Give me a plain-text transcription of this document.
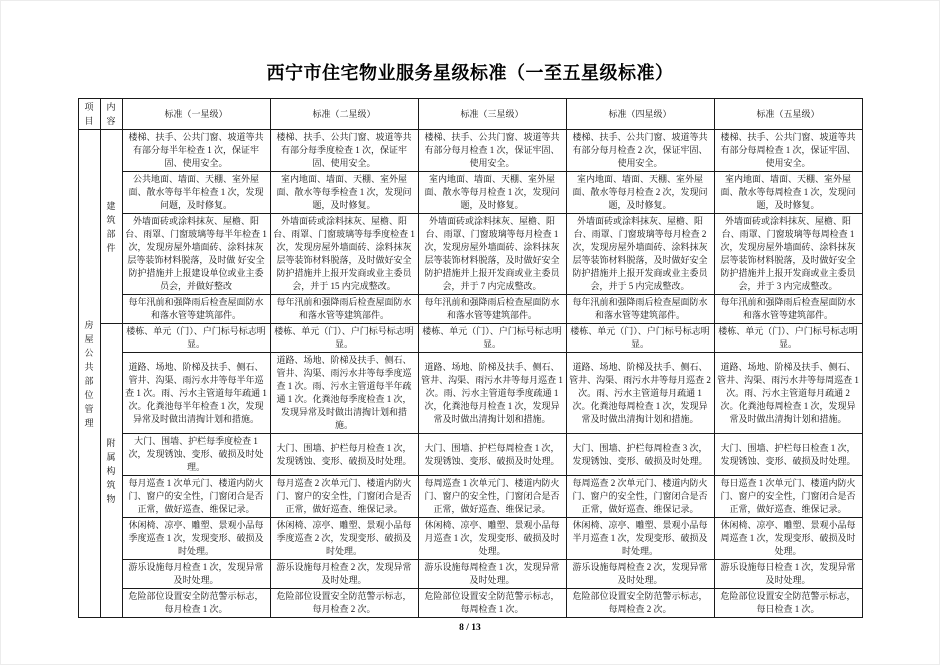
西宁市住宅物业服务星级标准（一至五星级标准）
项目	内容	标准（一星级）	标准（二星级）	标准（三星级）	标准（四星级）	标准（五星级）

房屋公共部位管理	建筑部件	楼梯、扶手、公共门窗、坡道等共有部分每半年检查 1 次，保证牢固、使用安全。	楼梯、扶手、公共门窗、坡道等共有部分每季度检查 1 次，保证牢固、使用安全。	楼梯、扶手、公共门窗、坡道等共有部分每月检查 1 次，保证牢固、使用安全。	楼梯、扶手、公共门窗、坡道等共有部分每月检查 2 次，保证牢固、使用安全。	楼梯、扶手、公共门窗、坡道等共有部分每周检查 1 次，保证牢固、使用安全。
		公共地面、墙面、天棚、室外屋面、散水等每半年检查 1 次，发现问题，及时修复。	室内地面、墙面、天棚、室外屋面、散水等每季检查 1 次，发现问题，及时修复。	室内地面、墙面、天棚、室外屋面、散水等每月检查 1 次，发现问题，及时修复。	室内地面、墙面、天棚、室外屋面、散水等每月检查 2 次，发现问题，及时修复。	室内地面、墙面、天棚、室外屋面、散水等每周检查 1 次，发现问题，及时修复。
		外墙面砖或涂料抹灰、屋檐、阳台、雨罩、门窗玻璃等每半年检查 1 次，发现房屋外墙面砖、涂料抹灰层等装饰材料脱落，及时做 好安全防护措施并上报建设单位或业主委员会，并做好整改	外墙面砖或涂料抹灰、屋檐、阳台、雨罩、门窗玻璃等每季度检查 1 次，发现房屋外墙面砖、涂料抹灰层等装饰材料脱落，及时做好安全防护措施并上报开发商或业主委员会，并于 15 内完成整改。	外墙面砖或涂料抹灰、屋檐、阳台、雨罩、门窗玻璃等每月检查 1 次，发现房屋外墙面砖、涂料抹灰层等装饰材料脱落，及时做好安全防护措施并上报开发商或业主委员会，并于 7 内完成整改。	外墙面砖或涂料抹灰、屋檐、阳台、雨罩、门窗玻璃等每月检查 2 次，发现房屋外墙面砖、涂料抹灰层等装饰材料脱落，及时做好安全防护措施并上报开发商或业主委员会，并于 5 内完成整改。	外墙面砖或涂料抹灰、屋檐、阳台、雨罩、门窗玻璃等每周检查 1 次，发现房屋外墙面砖、涂料抹灰层等装饰材料脱落，及时做好安全防护措施并上报开发商或业主委员会，并于 3 内完成整改。
		每年汛前和强降雨后检查屋面防水和落水管等建筑部件。	每年汛前和强降雨后检查屋面防水和落水管等建筑部件。	每年汛前和强降雨后检查屋面防水和落水管等建筑部件。	每年汛前和强降雨后检查屋面防水和落水管等建筑部件。	每年汛前和强降雨后检查屋面防水和落水管等建筑部件。

	附属构筑物	楼栋、单元（门）、户门标号标志明显。	楼栋、单元（门）、户门标号标志明显。	楼栋、单元（门）、户门标号标志明显。	楼栋、单元（门）、户门标号标志明显。	楼栋、单元（门）、户门标号标志明显。
		道路、场地、阶梯及扶手、侧石、管井、沟渠、雨污水井等每半年巡查 1 次。雨、污水主管道每年疏通 1 次。化粪池每半年检查 1 次，发现异常及时做出清掏计划和措施。	道路、场地、阶梯及扶手、侧石、管井、沟渠、雨污水井等每季度巡查 1 次。雨、污水主管道每半年疏通 1 次。化粪池每季度检查 1 次，发现异常及时做出清掏计划和措施。	道路、场地、阶梯及扶手、侧石、管井、沟渠、雨污水井等每月巡查 1 次。雨、污水主管道每季度疏通 1 次，化粪池每月检查 1 次，发现异常及时做出清掏计划和措施。	道路、场地、阶梯及扶手、侧石、管井、沟渠、雨污水井等每月巡查 2 次。雨、污水主管道每月疏通 1 次。化粪池每周检查 1 次，发现异常及时做出清掏计划和措施。	道路、场地、阶梯及扶手、侧石、管井、沟渠、雨污水井等每周巡查 1 次。雨、污水主管道每月疏通 2 次。化粪池每周检查 1 次，发现异常及时做出清掏计划和措施。
		大门、围墙、护栏每季度检查 1 次，发现锈蚀、变形、破损及时处理。	大门、围墙、护栏每月检查 1 次，发现锈蚀、变形、破损及时处理。	大门、围墙、护栏每周检查 1 次，发现锈蚀、变形、破损及时处理。	大门、围墙、护栏每周检查 3 次，发现锈蚀、变形、破损及时处理。	大门、围墙、护栏每日检查 1 次，发现锈蚀、变形、破损及时处理。
		每月巡查 1 次单元门、楼道内防火门、窗户的安全性，门窗闭合是否正常，做好巡查、维保记录。	每月巡查 2 次单元门、楼道内防火门、窗户的安全性，门窗闭合是否正常，做好巡查、维保记录。	每周巡查 1 次单元门、楼道内防火门、窗户的安全性，门窗闭合是否正常，做好巡查、维保记录。	每周巡查 2 次单元门、楼道内防火门、窗户的安全性，门窗闭合是否正常，做好巡查、维保记录。	每日巡查 1 次单元门、楼道内防火门、窗户的安全性，门窗闭合是否正常，做好巡查、维保记录。
		休闲椅、凉亭、雕塑、景观小品每季度巡查 1 次，发现变形、破损及时处理。	休闲椅、凉亭、雕塑、景观小品每季度巡查 2 次，发现变形、破损及时处理。	休闲椅、凉亭、雕塑、景观小品每月巡查 1 次，发现变形、破损及时处理。	休闲椅、凉亭、雕塑、景观小品每半月巡查 1 次，发现变形、破损及时处理。	休闲椅、凉亭、雕塑、景观小品每周巡查 1 次，发现变形、破损及时处理。
		游乐设施每月检查 1 次，发现异常及时处理。	游乐设施每月检查 2 次，发现异常及时处理。	游乐设施每周检查 1 次，发现异常及时处理。	游乐设施每周检查 2 次，发现异常及时处理。	游乐设施每日检查 1 次，发现异常及时处理。
		危险部位设置安全防范警示标志，每月检查 1 次。	危险部位设置安全防范警示标志，每月检查 2 次。	危险部位设置安全防范警示标志，每周检查 1 次。	危险部位设置安全防范警示标志，每周检查 2 次。	危险部位设置安全防范警示标志，每日检查 1 次。
8 / 13
